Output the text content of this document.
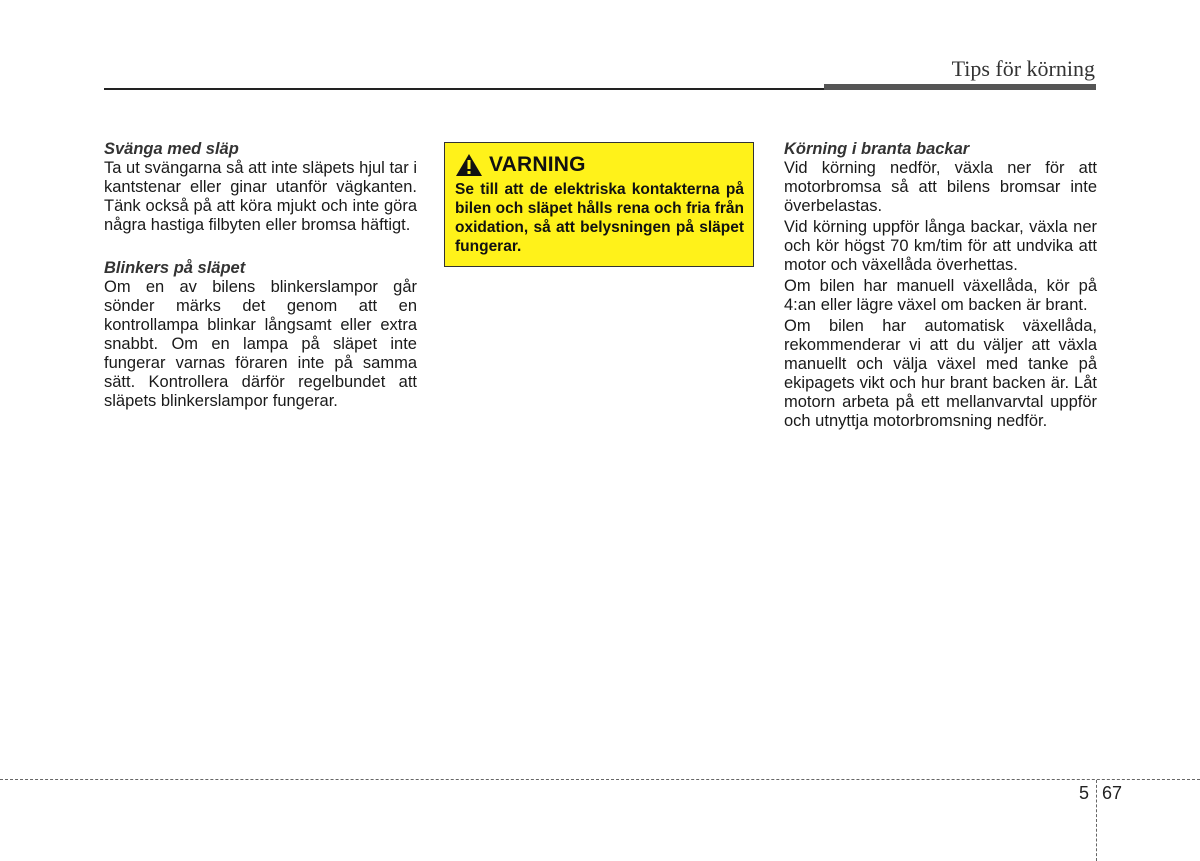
Tips för körning
Svänga med släp

Ta ut svängarna så att inte släpets hjul tar i kantstenar eller ginar utanför vägkanten. Tänk också på att köra mjukt och inte göra några hastiga filbyten eller bromsa häftigt.

Blinkers på släpet

Om en av bilens blinkerslampor går sönder märks det genom att en kontrollampa blinkar långsamt eller extra snabbt. Om en lampa på släpet inte fungerar varnas föraren inte på samma sätt. Kontrollera därför regelbundet att släpets blinkerslampor fungerar.

VARNING
Se till att de elektriska kontakterna på bilen och släpet hålls rena och fria från oxidation, så att belysningen på släpet fungerar.
Körning i branta backar

Vid körning nedför, växla ner för att motorbromsa så att bilens bromsar inte överbelastas.

Vid körning uppför långa backar, växla ner och kör högst 70 km/tim för att undvika att motor och växellåda överhettas.

Om bilen har manuell växellåda, kör på 4:an eller lägre växel om backen är brant.

Om bilen har automatisk växellåda, rekommenderar vi att du väljer att växla manuellt och välja växel med tanke på ekipagets vikt och hur brant backen är. Låt motorn arbeta på ett mellanvarvtal uppför och utnyttja motorbromsning nedför.

5 67
